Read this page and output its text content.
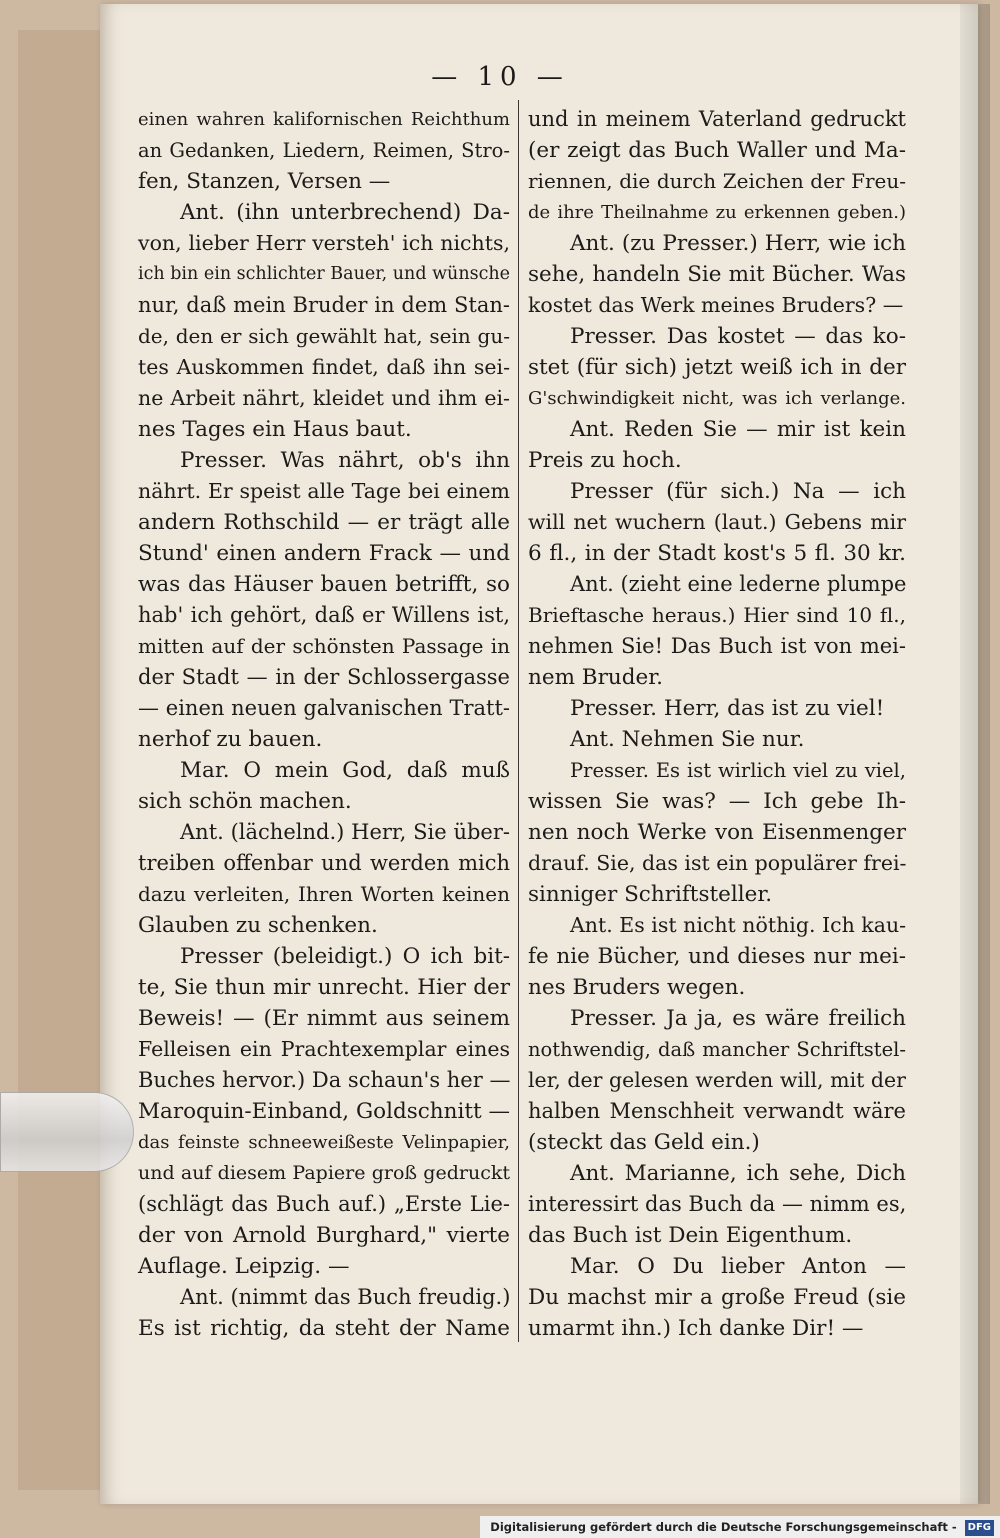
— 10 —
einen wahren kalifornischen Reichthum
an Gedanken, Liedern, Reimen, Stro-
fen, Stanzen, Versen —
Ant. (ihn unterbrechend) Da-
von, lieber Herr versteh' ich nichts,
ich bin ein schlichter Bauer, und wünsche
nur, daß mein Bruder in dem Stan-
de, den er sich gewählt hat, sein gu-
tes Auskommen findet, daß ihn sei-
ne Arbeit nährt, kleidet und ihm ei-
nes Tages ein Haus baut.
Presser. Was nährt, ob's ihn
nährt. Er speist alle Tage bei einem
andern Rothschild — er trägt alle
Stund' einen andern Frack — und
was das Häuser bauen betrifft, so
hab' ich gehört, daß er Willens ist,
mitten auf der schönsten Passage in
der Stadt — in der Schlossergasse
— einen neuen galvanischen Tratt-
nerhof zu bauen.
Mar. O mein God, daß muß
sich schön machen.
Ant. (lächelnd.) Herr, Sie über-
treiben offenbar und werden mich
dazu verleiten, Ihren Worten keinen
Glauben zu schenken.
Presser (beleidigt.) O ich bit-
te, Sie thun mir unrecht. Hier der
Beweis! — (Er nimmt aus seinem
Felleisen ein Prachtexemplar eines
Buches hervor.) Da schaun's her —
Maroquin-Einband, Goldschnitt —
das feinste schneeweißeste Velinpapier,
und auf diesem Papiere groß gedruckt
(schlägt das Buch auf.) „Erste Lie-
der von Arnold Burghard," vierte
Auflage. Leipzig. —
Ant. (nimmt das Buch freudig.)
Es ist richtig, da steht der Name
und in meinem Vaterland gedruckt
(er zeigt das Buch Waller und Ma-
riennen, die durch Zeichen der Freu-
de ihre Theilnahme zu erkennen geben.)
Ant. (zu Presser.) Herr, wie ich
sehe, handeln Sie mit Bücher. Was
kostet das Werk meines Bruders? —
Presser. Das kostet — das ko-
stet (für sich) jetzt weiß ich in der
G'schwindigkeit nicht, was ich verlange.
Ant. Reden Sie — mir ist kein
Preis zu hoch.
Presser (für sich.) Na — ich
will net wuchern (laut.) Gebens mir
6 fl., in der Stadt kost's 5 fl. 30 kr.
Ant. (zieht eine lederne plumpe
Brieftasche heraus.) Hier sind 10 fl.,
nehmen Sie! Das Buch ist von mei-
nem Bruder.
Presser. Herr, das ist zu viel!
Ant. Nehmen Sie nur.
Presser. Es ist wirlich viel zu viel,
wissen Sie was? — Ich gebe Ih-
nen noch Werke von Eisenmenger
drauf. Sie, das ist ein populärer frei-
sinniger Schriftsteller.
Ant. Es ist nicht nöthig. Ich kau-
fe nie Bücher, und dieses nur mei-
nes Bruders wegen.
Presser. Ja ja, es wäre freilich
nothwendig, daß mancher Schriftstel-
ler, der gelesen werden will, mit der
halben Menschheit verwandt wäre
(steckt das Geld ein.)
Ant. Marianne, ich sehe, Dich
interessirt das Buch da — nimm es,
das Buch ist Dein Eigenthum.
Mar. O Du lieber Anton —
Du machst mir a große Freud (sie
umarmt ihn.) Ich danke Dir! —
Digitalisierung gefördert durch die Deutsche Forschungsgemeinschaft - DFG
